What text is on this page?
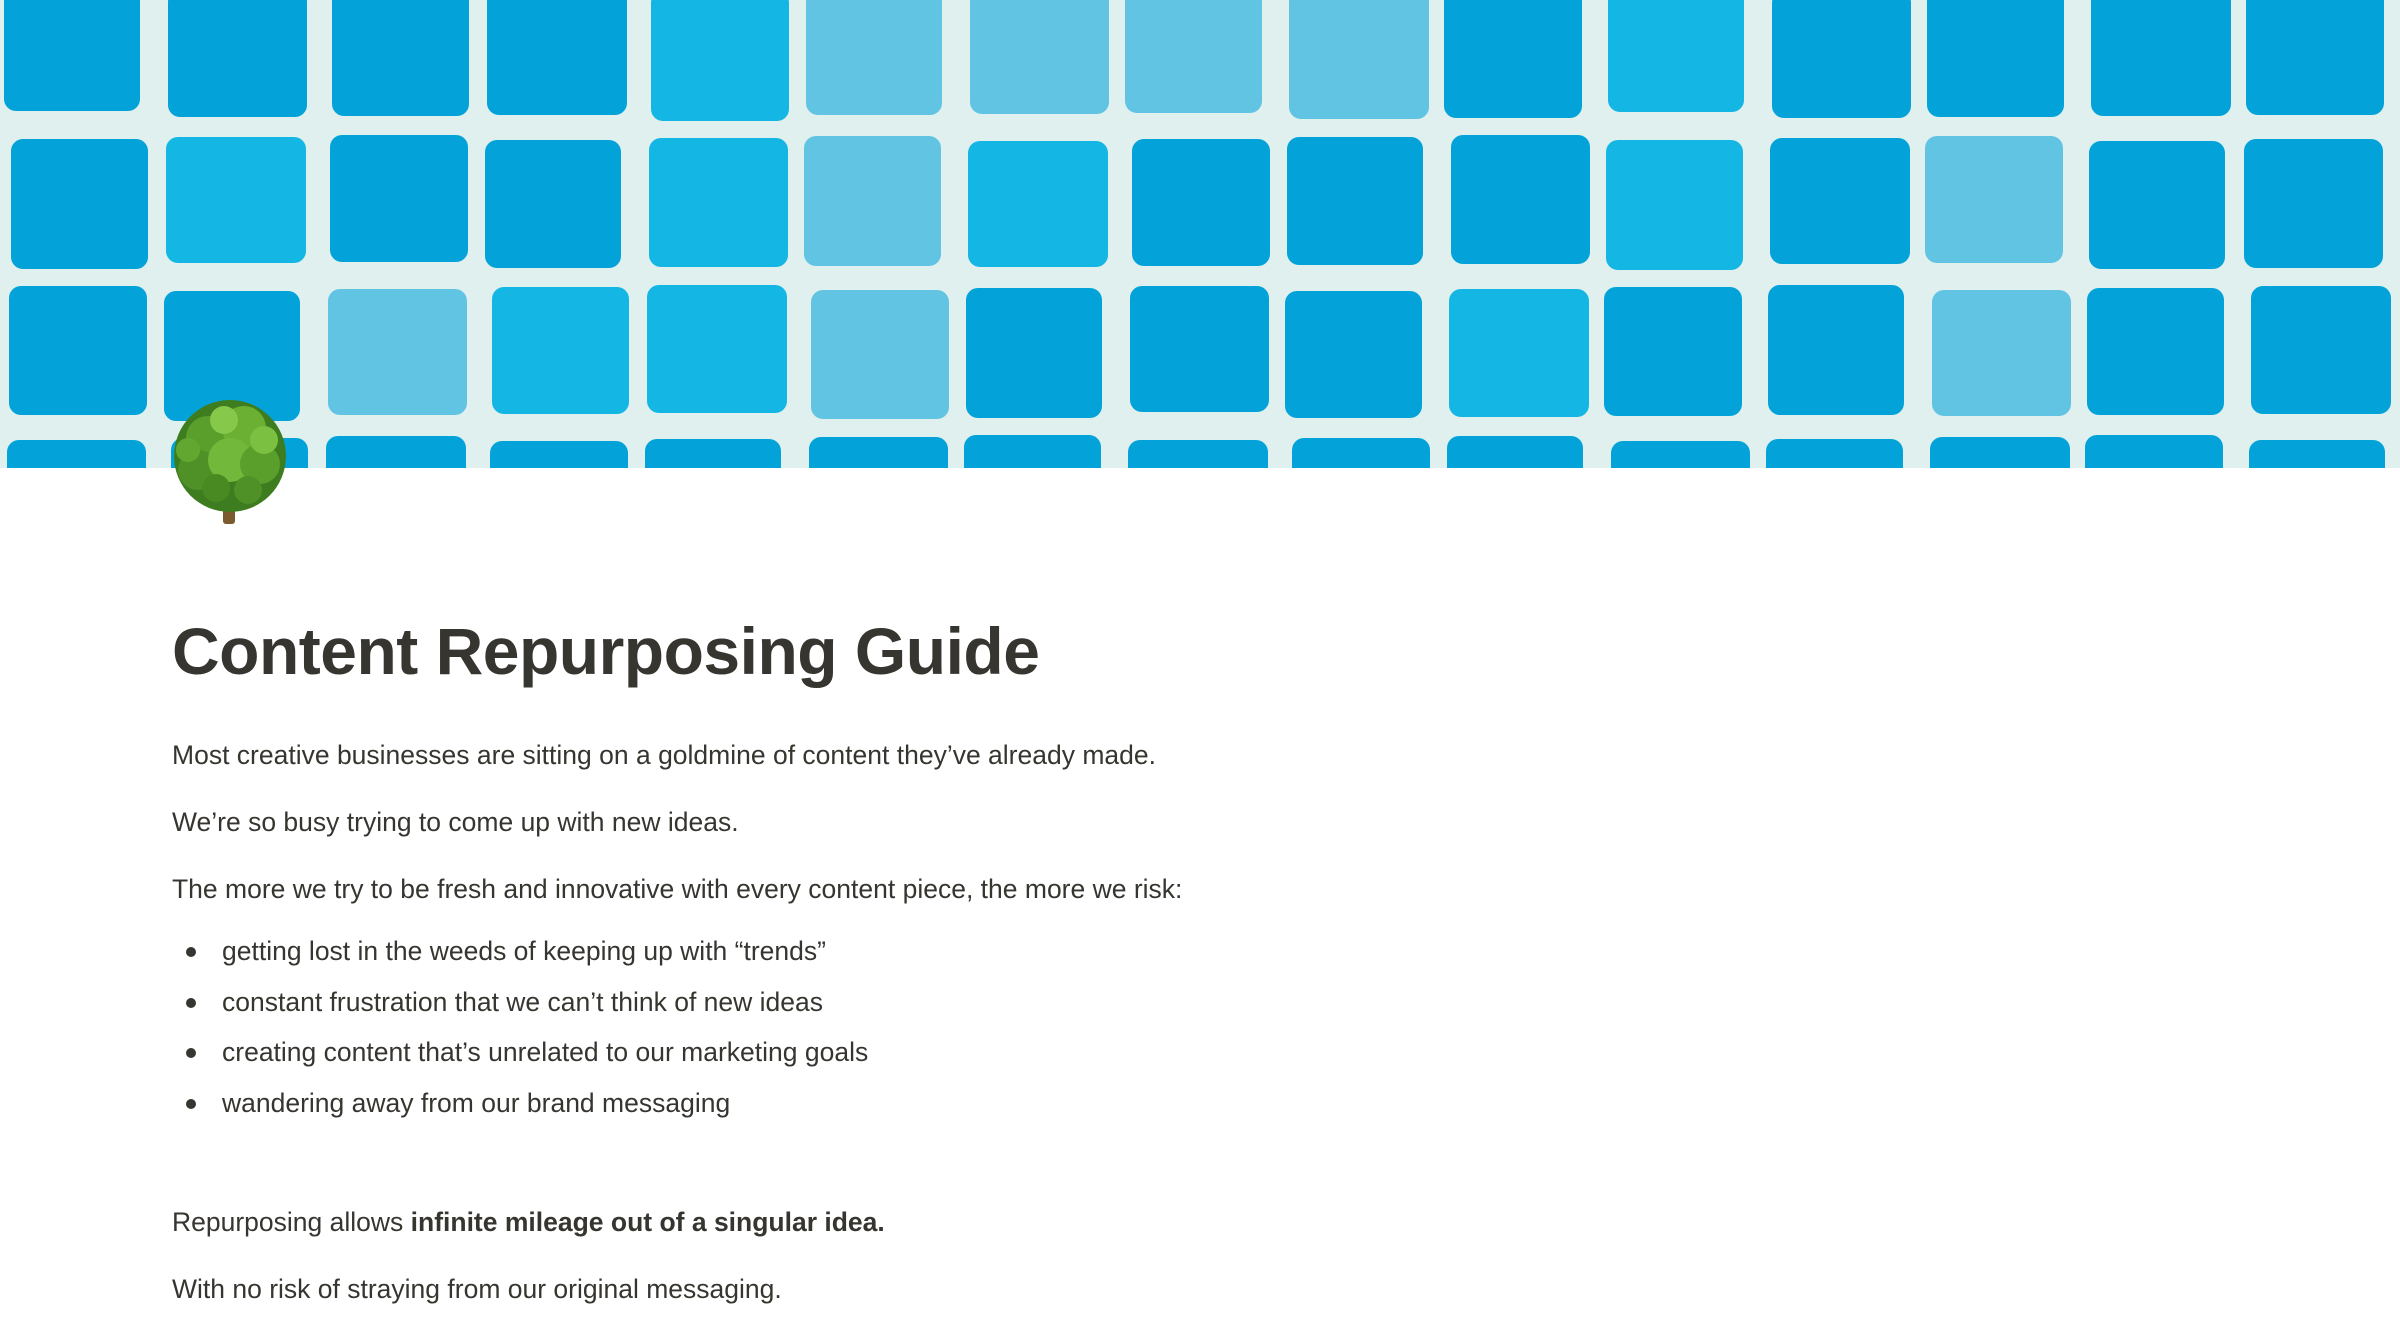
Content Repurposing Guide

Most creative businesses are sitting on a goldmine of content they’ve already made.

We’re so busy trying to come up with new ideas.

The more we try to be fresh and innovative with every content piece, the more we risk:

getting lost in the weeds of keeping up with “trends”
constant frustration that we can’t think of new ideas
creating content that’s unrelated to our marketing goals
wandering away from our brand messaging

Repurposing allows infinite mileage out of a singular idea.

With no risk of straying from our original messaging.
